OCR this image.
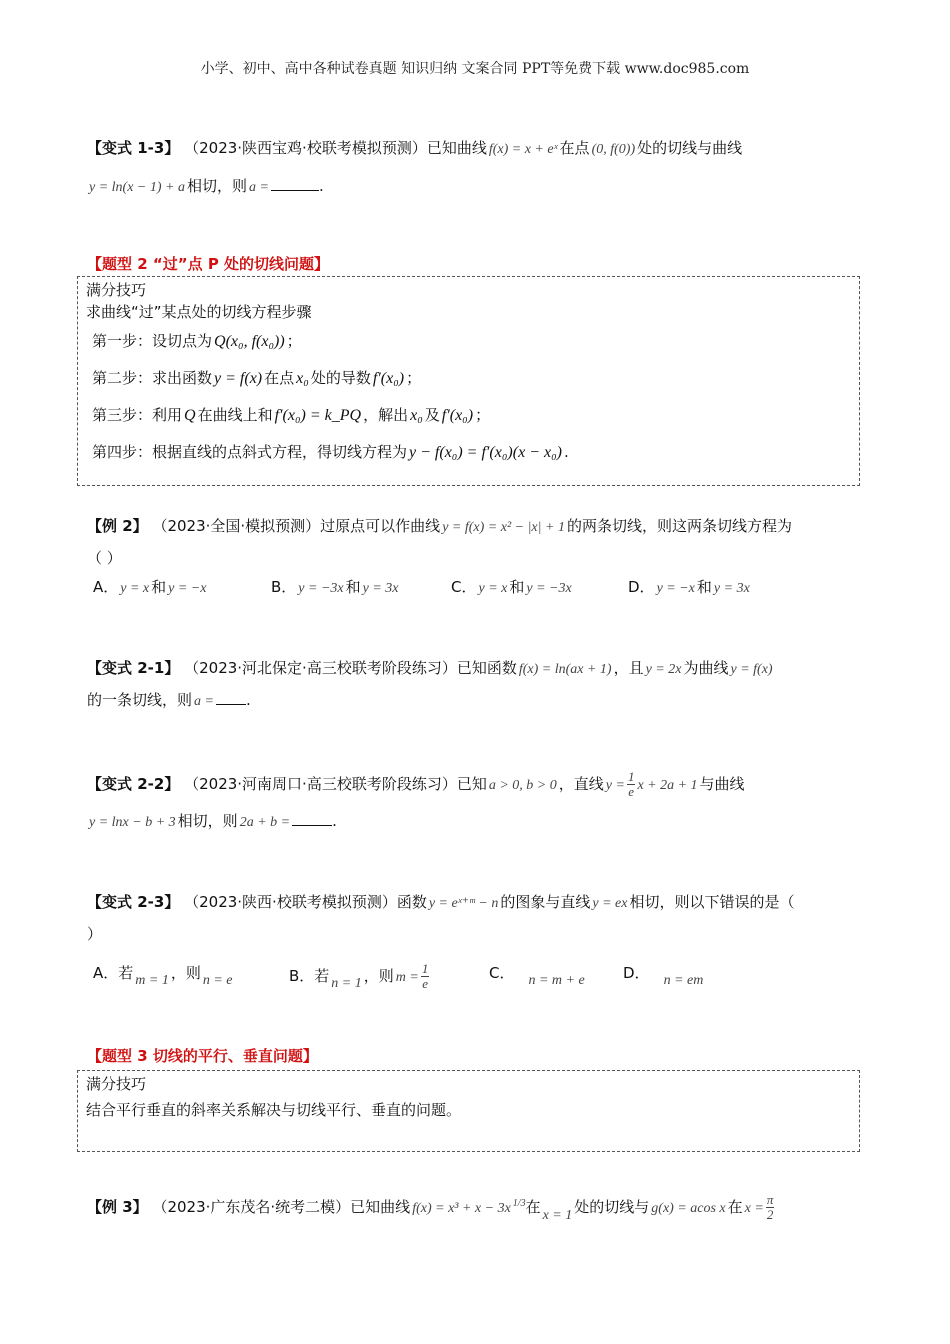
小学、初中、高中各种试卷真题 知识归纳 文案合同 PPT等免费下载 www.doc985.com
【变式 1-3】 （2023·陕西宝鸡·校联考模拟预测）已知曲线 f(x) = x + eˣ 在点 (0, f(0)) 处的切线与曲线
y = ln(x − 1) + a 相切，则 a =	.
【题型 2 “过”点 P 处的切线问题】
满分技巧
求曲线“过”某点处的切线方程步骤
第一步：设切点为 Q(x₀, f(x₀)) ；
第二步：求出函数 y = f(x) 在点 x₀ 处的导数 f′(x₀) ；
第三步：利用 Q 在曲线上和 f′(x₀) = k_PQ ，解出 x₀ 及 f′(x₀) ；
第四步：根据直线的点斜式方程，得切线方程为 y − f(x₀) = f′(x₀)(x − x₀) .
【例 2】 （2023·全国·模拟预测）过原点可以作曲线 y = f(x) = x² − |x| + 1 的两条切线，则这两条切线方程为
（ ）
A． y = x 和 y = −x	B． y = −3x 和 y = 3x	C． y = x 和 y = −3x	D． y = −x 和 y = 3x
【变式 2-1】 （2023·河北保定·高三校联考阶段练习）已知函数 f(x) = ln(ax + 1) ，且 y = 2x 为曲线 y = f(x)
的一条切线，则 a = .
【变式 2-2】 （2023·河南周口·高三校联考阶段练习）已知 a > 0, b > 0 ，直线 $y = \frac{1}{e}$ x + 2a + 1 与曲线
y = lnx − b + 3 相切，则 2a + b =	.
【变式 2-3】 （2023·陕西·校联考模拟预测）函数 y = eˣ⁺ᵐ − n 的图象与直线 y = ex 相切，则以下错误的是（
）
A．若 m = 1 ，则 n = e	B．若 n = 1 ，则 $m = \frac{1}{e}$	C． n = m + e	D． n = em
【题型 3 切线的平行、垂直问题】
满分技巧
结合平行垂直的斜率关系解决与切线平行、垂直的问题。
【例 3】 （2023·广东茂名·统考二模）已知曲线 f(x) = x³ + x − 3x $^{1/3}$在 x = 1 处的切线与 g(x) = acos x 在 $x = \frac{\pi}{2}$
